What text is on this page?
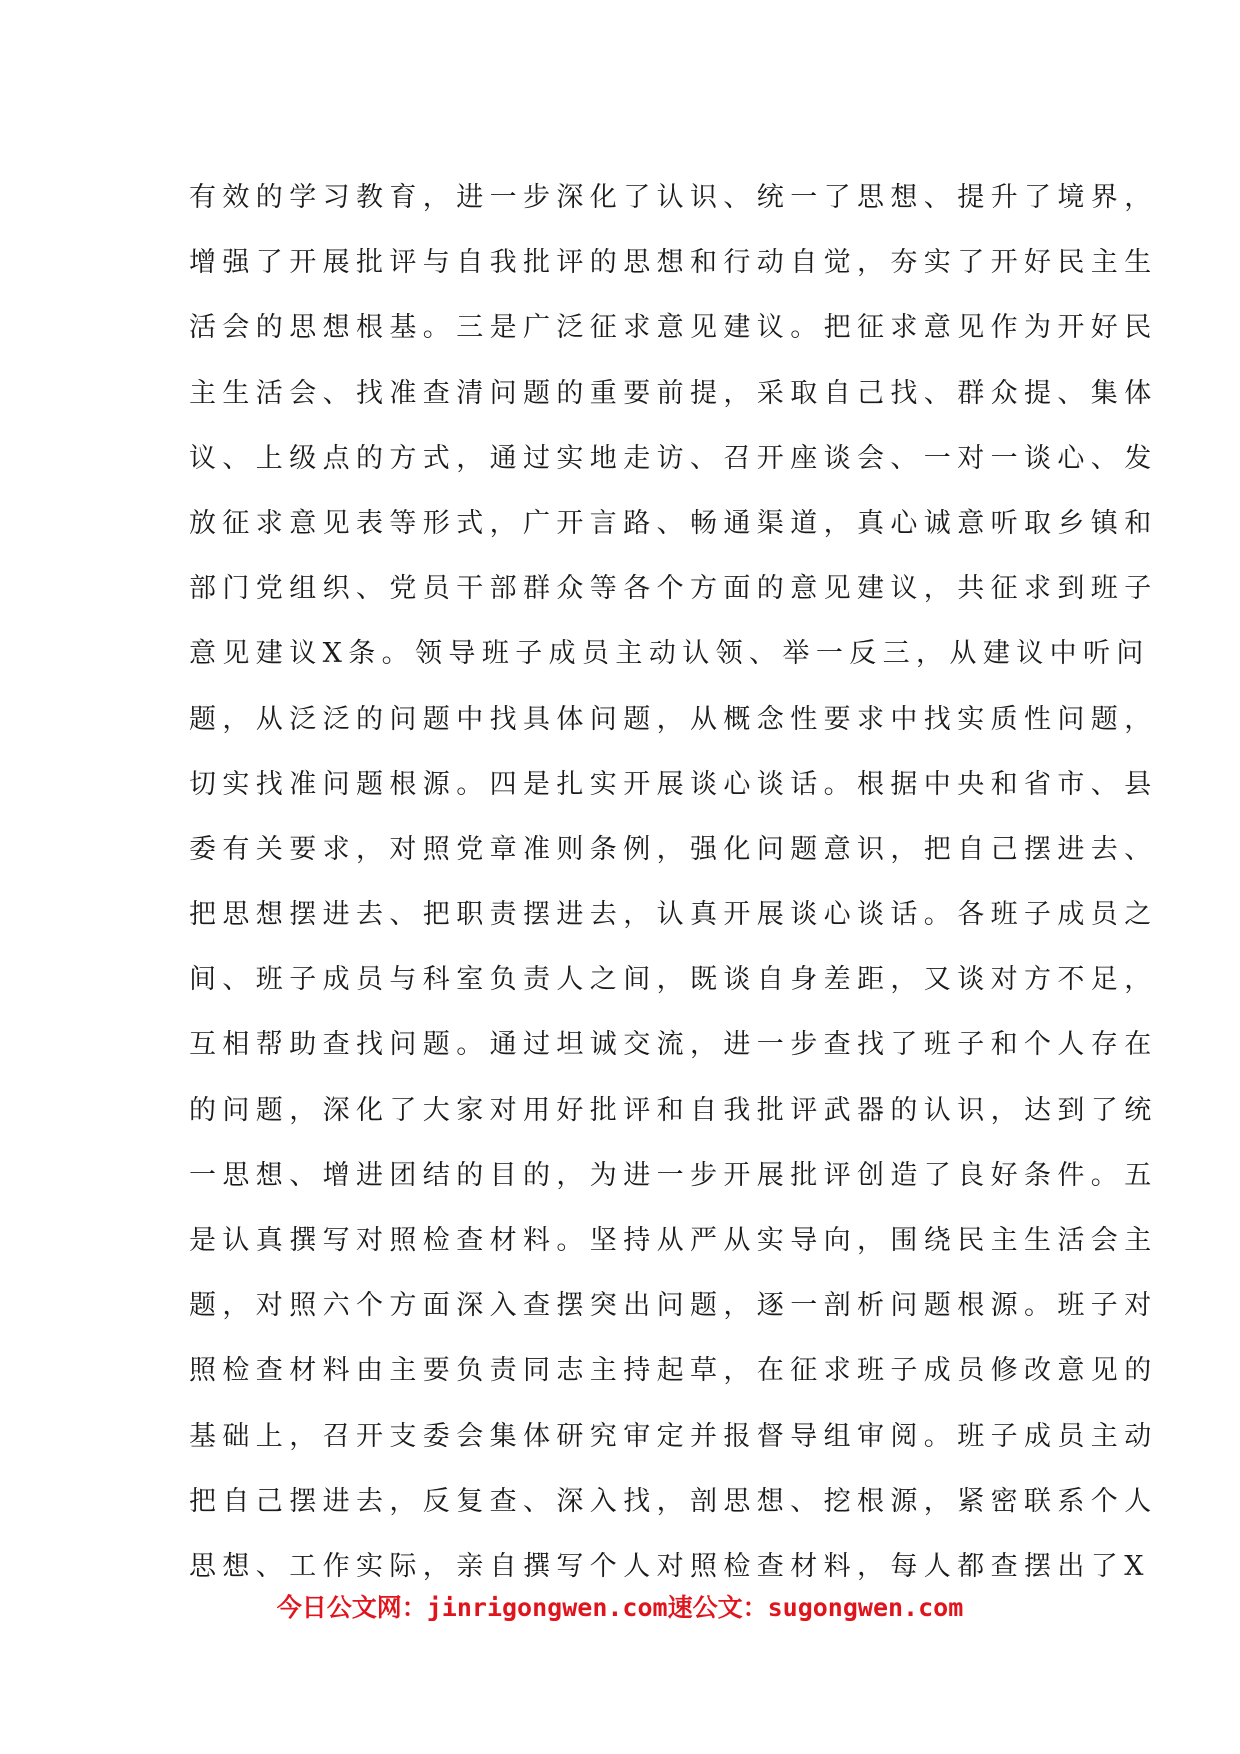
有效的学习教育，进一步深化了认识、统一了思想、提升了境界，
增强了开展批评与自我批评的思想和行动自觉，夯实了开好民主生
活会的思想根基。三是广泛征求意见建议。把征求意见作为开好民
主生活会、找准查清问题的重要前提，采取自己找、群众提、集体
议、上级点的方式，通过实地走访、召开座谈会、一对一谈心、发
放征求意见表等形式，广开言路、畅通渠道，真心诚意听取乡镇和
部门党组织、党员干部群众等各个方面的意见建议，共征求到班子
意见建议X条。领导班子成员主动认领、举一反三，从建议中听问
题，从泛泛的问题中找具体问题，从概念性要求中找实质性问题，
切实找准问题根源。四是扎实开展谈心谈话。根据中央和省市、县
委有关要求，对照党章准则条例，强化问题意识，把自己摆进去、
把思想摆进去、把职责摆进去，认真开展谈心谈话。各班子成员之
间、班子成员与科室负责人之间，既谈自身差距，又谈对方不足，
互相帮助查找问题。通过坦诚交流，进一步查找了班子和个人存在
的问题，深化了大家对用好批评和自我批评武器的认识，达到了统
一思想、增进团结的目的，为进一步开展批评创造了良好条件。五
是认真撰写对照检查材料。坚持从严从实导向，围绕民主生活会主
题，对照六个方面深入查摆突出问题，逐一剖析问题根源。班子对
照检查材料由主要负责同志主持起草，在征求班子成员修改意见的
基础上，召开支委会集体研究审定并报督导组审阅。班子成员主动
把自己摆进去，反复查、深入找，剖思想、挖根源，紧密联系个人
思想、工作实际，亲自撰写个人对照检查材料，每人都查摆出了X
今日公文网：jinrigongwen.com速公文：sugongwen.com
